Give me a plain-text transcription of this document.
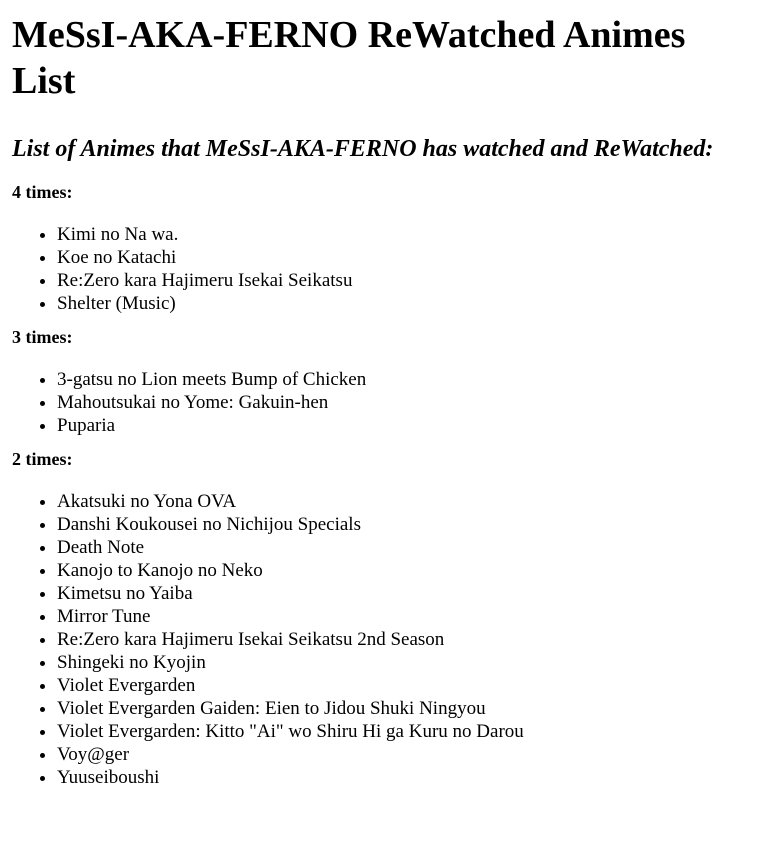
MeSsI-AKA-FERNO ReWatched Animes List
List of Animes that MeSsI-AKA-FERNO has watched and ReWatched:
4 times:
• Kimi no Na wa.
• Koe no Katachi
• Re:Zero kara Hajimeru Isekai Seikatsu
• Shelter (Music)
3 times:
• 3-gatsu no Lion meets Bump of Chicken
• Mahoutsukai no Yome: Gakuin-hen
• Puparia
2 times:
• Akatsuki no Yona OVA
• Danshi Koukousei no Nichijou Specials
• Death Note
• Kanojo to Kanojo no Neko
• Kimetsu no Yaiba
• Mirror Tune
• Re:Zero kara Hajimeru Isekai Seikatsu 2nd Season
• Shingeki no Kyojin
• Violet Evergarden
• Violet Evergarden Gaiden: Eien to Jidou Shuki Ningyou
• Violet Evergarden: Kitto "Ai" wo Shiru Hi ga Kuru no Darou
• Voy@ger
• Yuuseiboushi
